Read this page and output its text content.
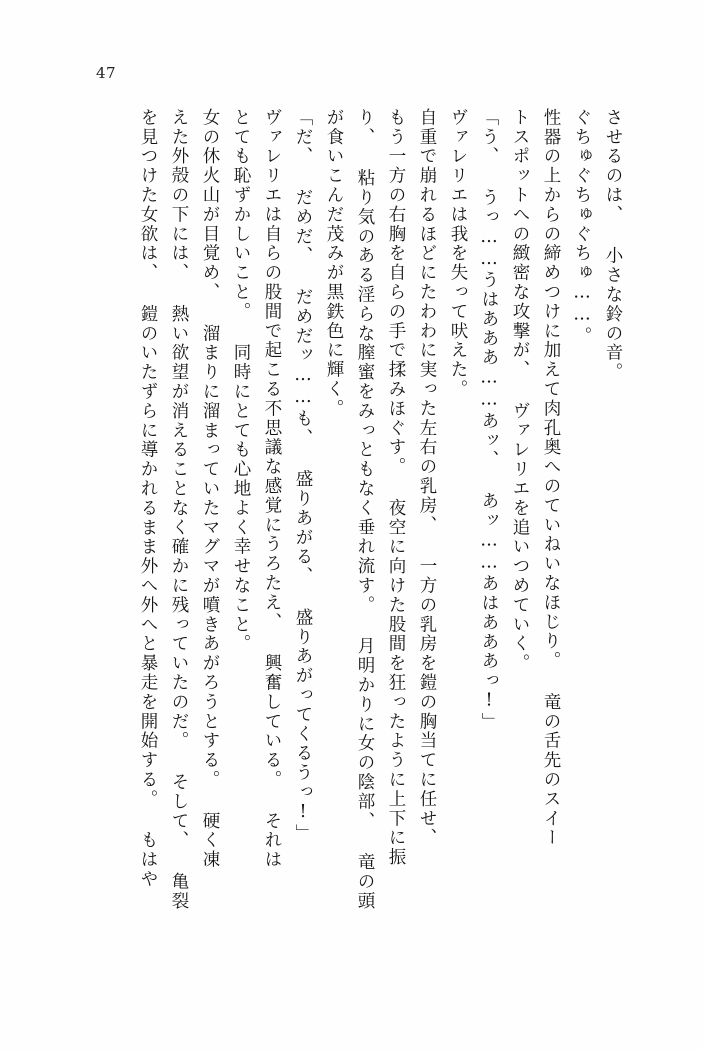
47
させるのは、 小さな鈴の音。
ぐちゅぐちゅぐちゅ……。
性器の上からの締めつけに加えて肉孔奥へのていねいなほじり。 竜の舌先のスイー
トスポットへの緻密な攻撃が、 ヴァレリエを追いつめていく。
「う、 うっ……うはあああ……あッ、 あッ……あはあああっ!」
ヴァレリエは我を失って吠えた。
自重で崩れるほどにたわわに実った左右の乳房、 一方の乳房を鎧の胸当てに任せ、
もう一方の右胸を自らの手で揉みほぐす。 夜空に向けた股間を狂ったように上下に振
り、 粘り気のある淫らな膣蜜をみっともなく垂れ流す。 月明かりに女の陰部、 竜の頭
が食いこんだ茂みが黒鉄色に輝く。
「だ、 だめだ、 だめだッ……も、 盛りあがる、 盛りあがってくるうっ!」
ヴァレリエは自らの股間で起こる不思議な感覚にうろたえ、 興奮している。 それは
とても恥ずかしいこと。 同時にとても心地よく幸せなこと。
女の休火山が目覚め、 溜まりに溜まっていたマグマが噴きあがろうとする。 硬く凍
えた外殻の下には、 熱い欲望が消えることなく確かに残っていたのだ。 そして、 亀裂
を見つけた女欲は、 鎧のいたずらに導かれるまま外へ外へと暴走を開始する。 もはや
